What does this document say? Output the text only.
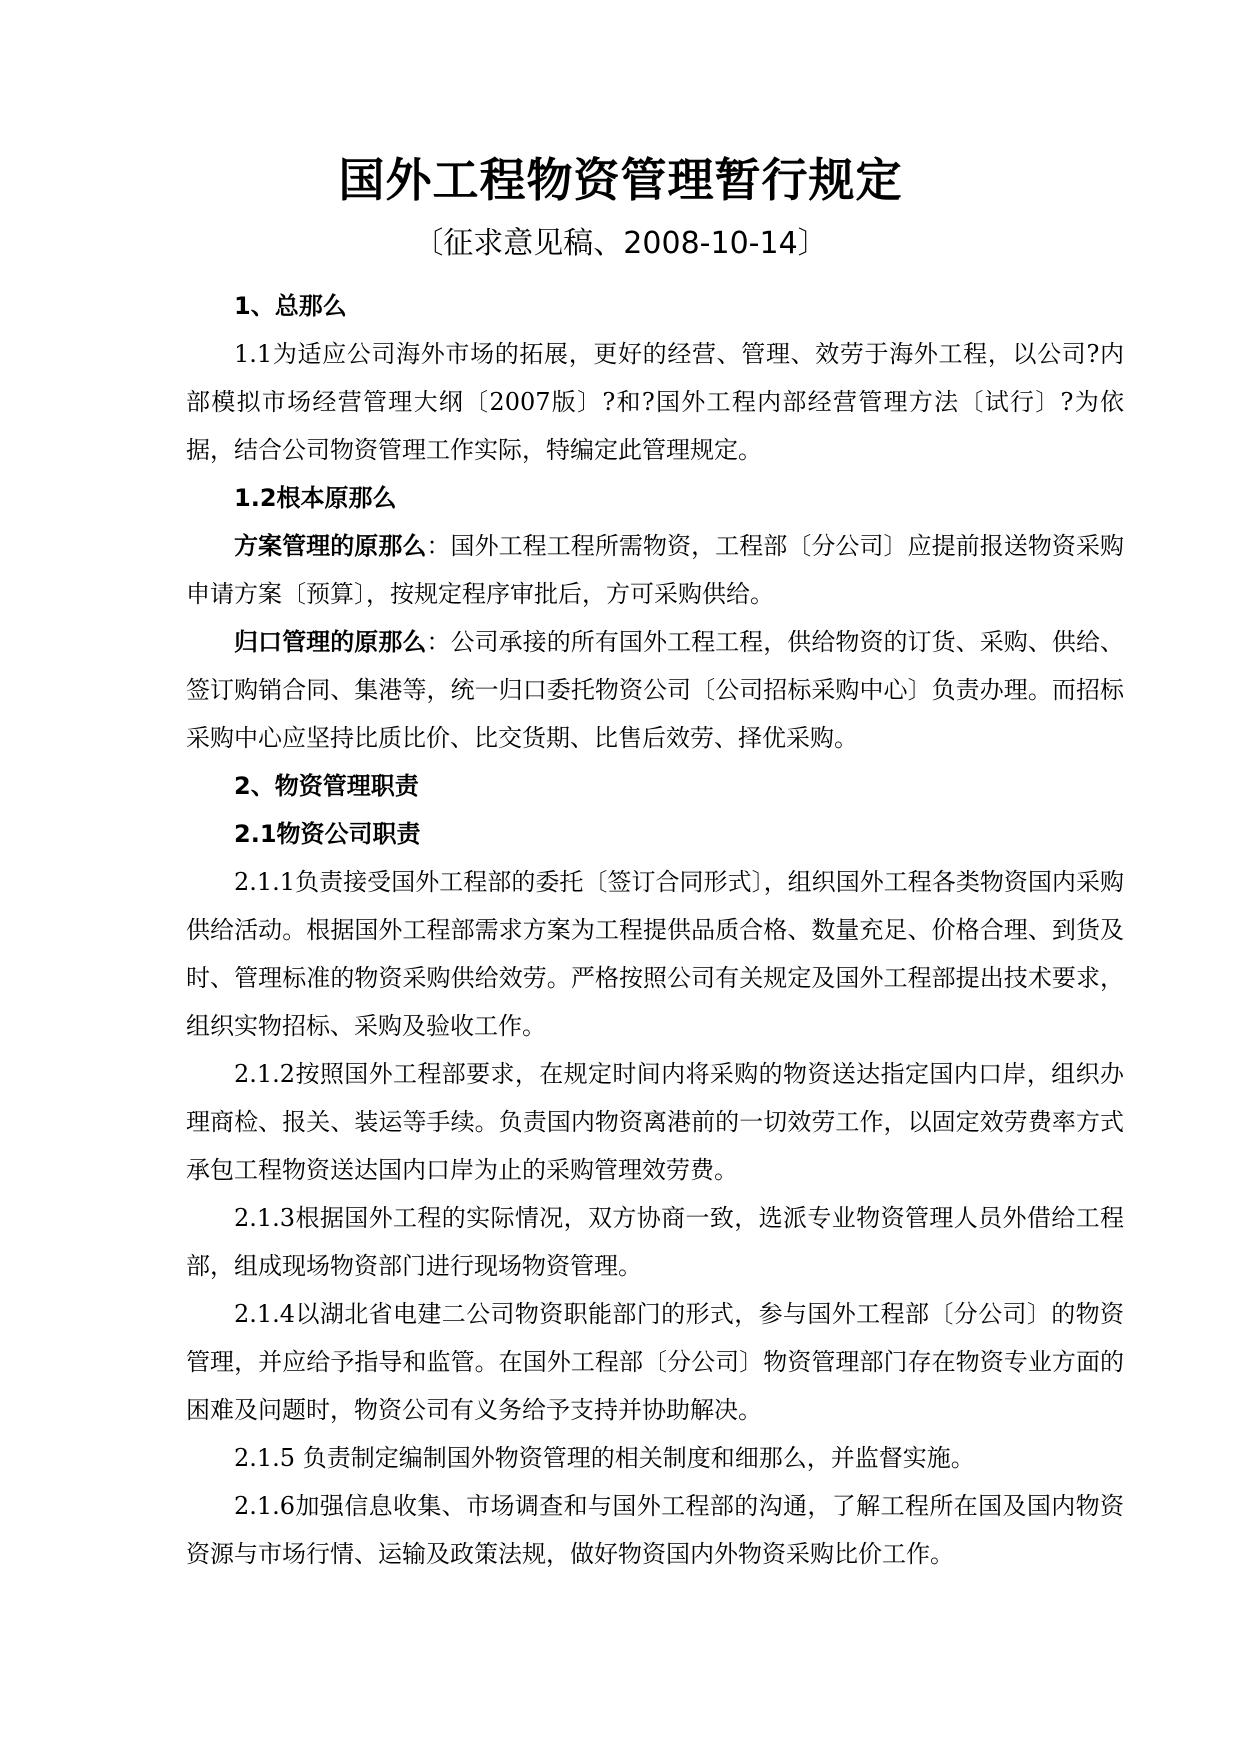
国外工程物资管理暂行规定
〔征求意见稿、2008-10-14〕

1、总那么

1.1为适应公司海外市场的拓展，更好的经营、管理、效劳于海外工程，以公司?内部模拟市场经营管理大纲〔2007版〕?和?国外工程内部经营管理方法〔试行〕?为依据，结合公司物资管理工作实际，特编定此管理规定。

1.2根本原那么

方案管理的原那么：国外工程工程所需物资，工程部〔分公司〕应提前报送物资采购申请方案〔预算〕，按规定程序审批后，方可采购供给。

归口管理的原那么：公司承接的所有国外工程工程，供给物资的订货、采购、供给、签订购销合同、集港等，统一归口委托物资公司〔公司招标采购中心〕负责办理。而招标采购中心应坚持比质比价、比交货期、比售后效劳、择优采购。

2、物资管理职责

2.1物资公司职责

2.1.1负责接受国外工程部的委托〔签订合同形式〕，组织国外工程各类物资国内采购供给活动。根据国外工程部需求方案为工程提供品质合格、数量充足、价格合理、到货及时、管理标准的物资采购供给效劳。严格按照公司有关规定及国外工程部提出技术要求，组织实物招标、采购及验收工作。

2.1.2按照国外工程部要求，在规定时间内将采购的物资送达指定国内口岸，组织办理商检、报关、装运等手续。负责国内物资离港前的一切效劳工作，以固定效劳费率方式承包工程物资送达国内口岸为止的采购管理效劳费。

2.1.3根据国外工程的实际情况，双方协商一致，选派专业物资管理人员外借给工程部，组成现场物资部门进行现场物资管理。

2.1.4以湖北省电建二公司物资职能部门的形式，参与国外工程部〔分公司〕的物资管理，并应给予指导和监管。在国外工程部〔分公司〕物资管理部门存在物资专业方面的困难及问题时，物资公司有义务给予支持并协助解决。

2.1.5 负责制定编制国外物资管理的相关制度和细那么，并监督实施。

2.1.6加强信息收集、市场调查和与国外工程部的沟通，了解工程所在国及国内物资资源与市场行情、运输及政策法规，做好物资国内外物资采购比价工作。
